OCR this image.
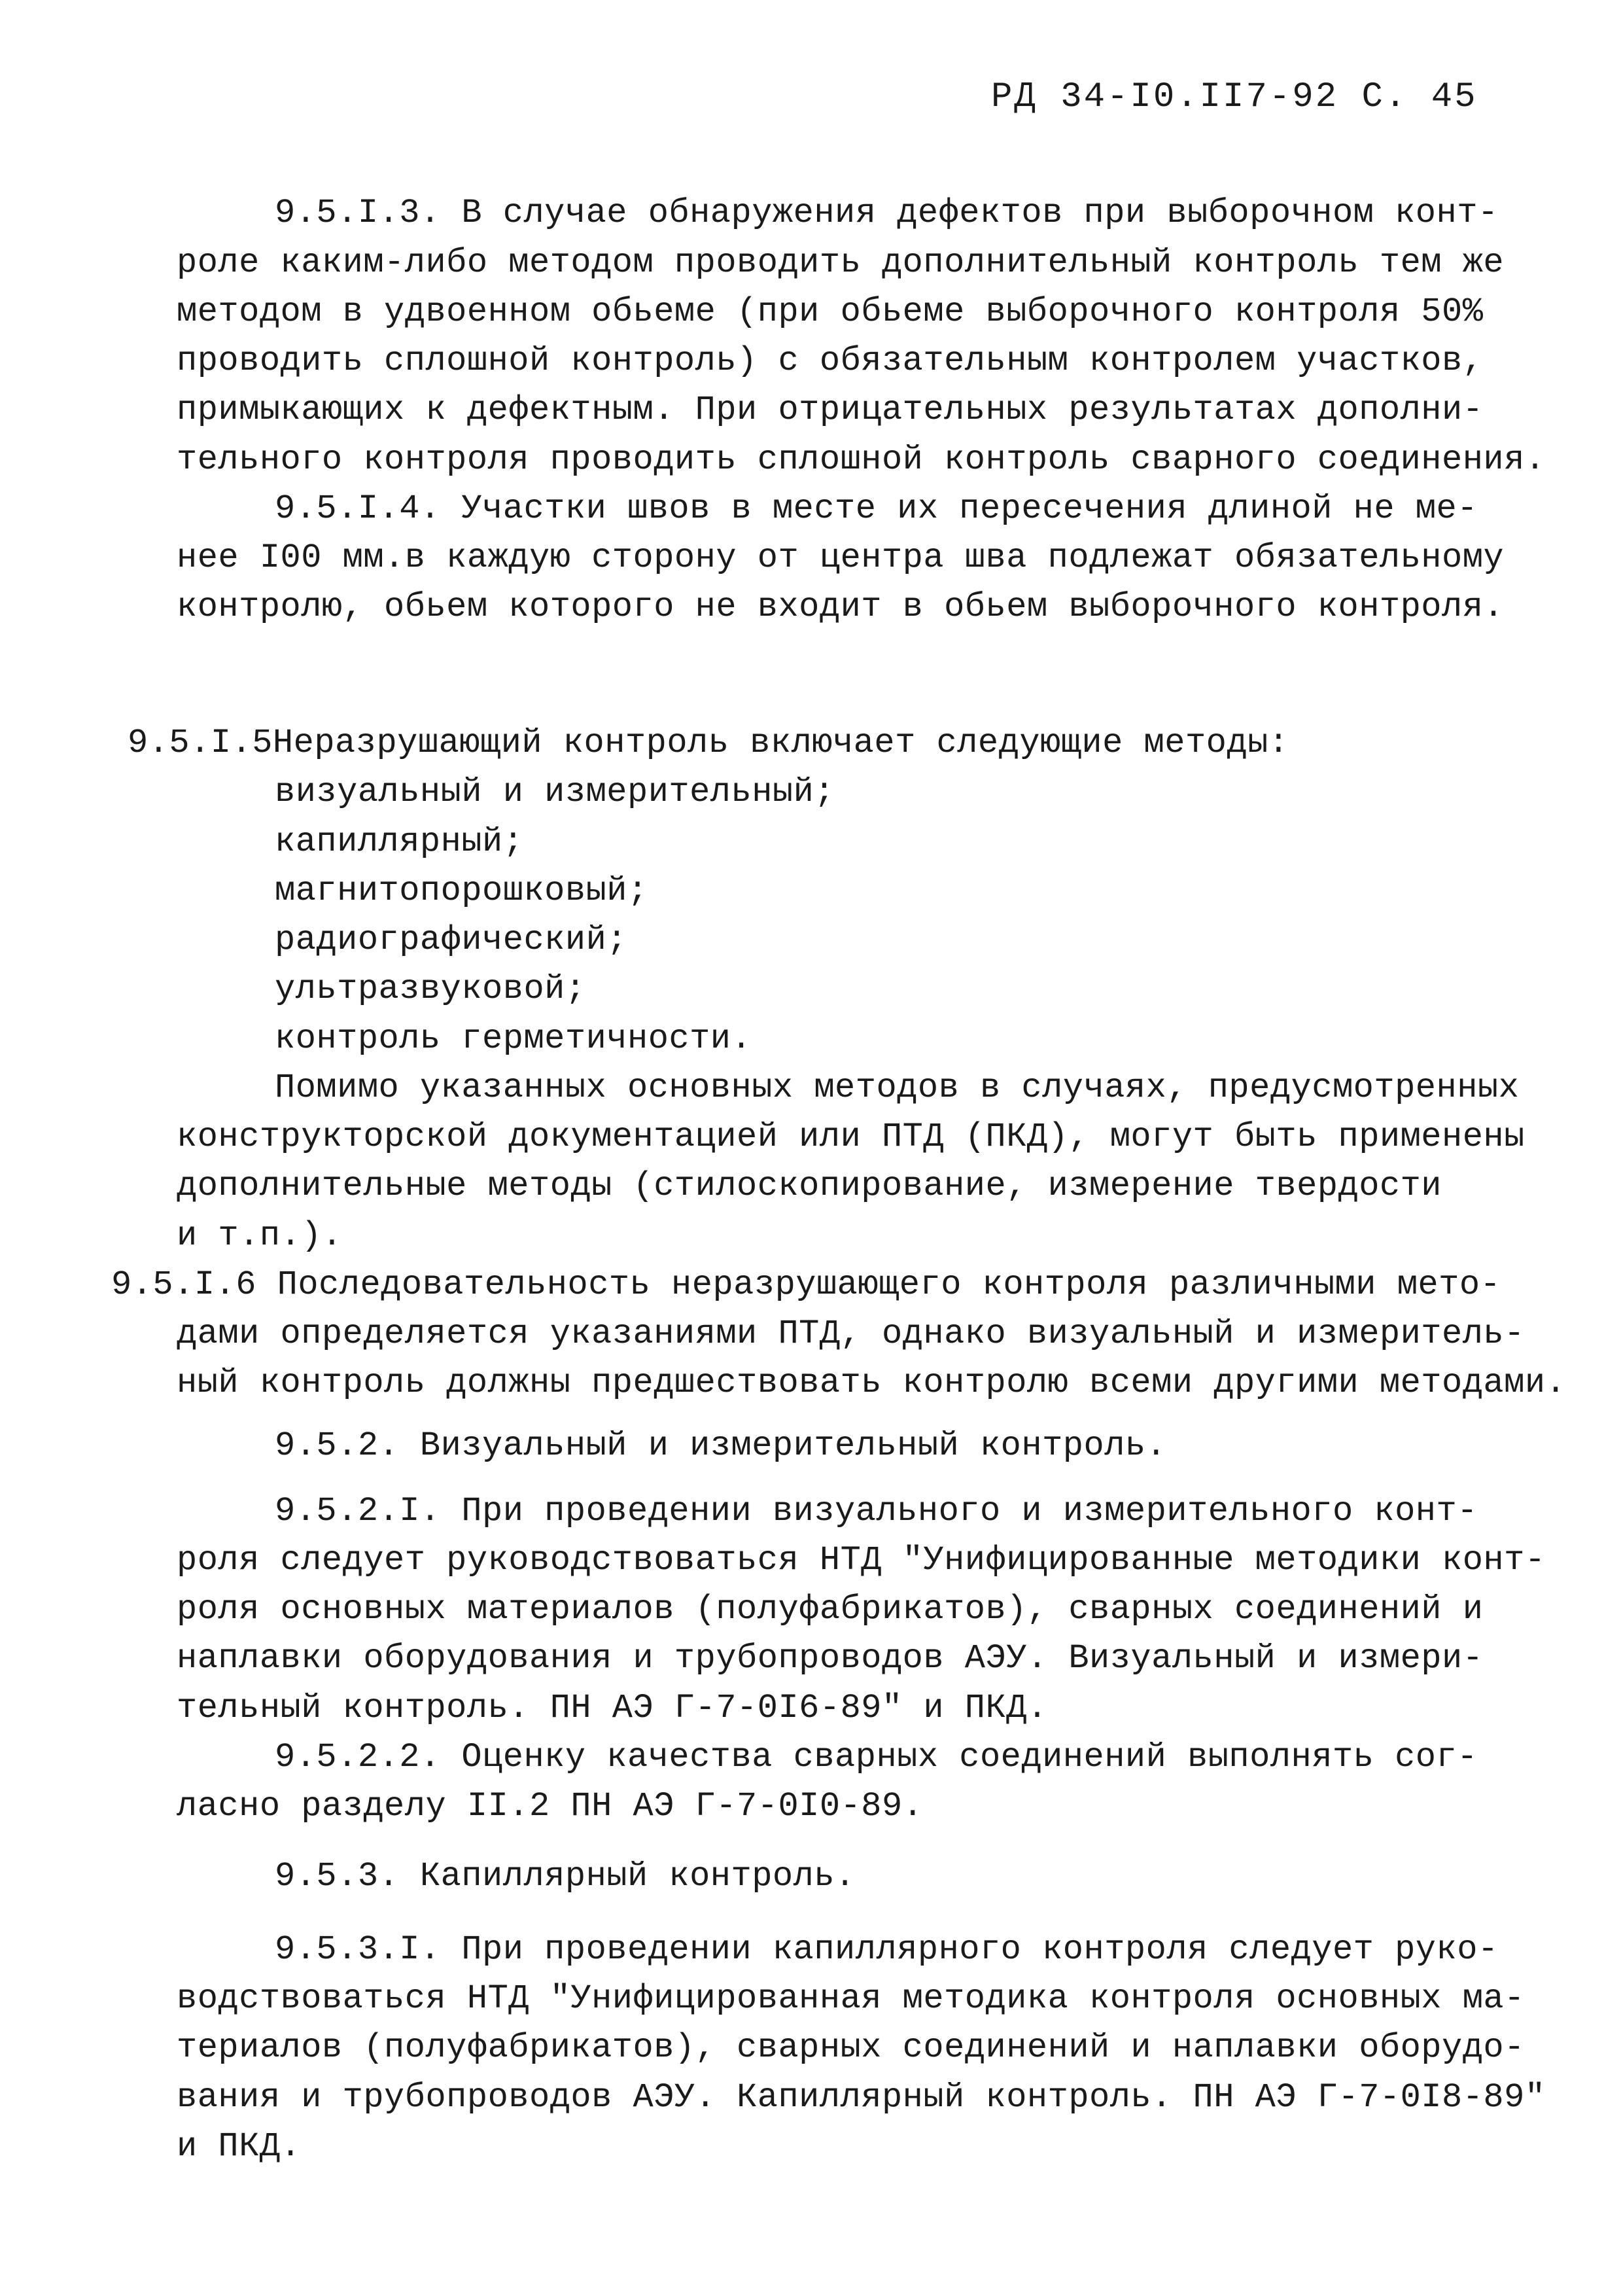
РД 34-I0.II7-92 С. 45
9.5.I.3. В случае обнаружения дефектов при выборочном конт-
роле каким-либо методом проводить дополнительный контроль тем же
методом в удвоенном обьеме (при обьеме выборочного контроля 50%
проводить сплошной контроль) с обязательным контролем участков,
примыкающих к дефектным. При отрицательных результатах дополни-
тельного контроля проводить сплошной контроль сварного соединения.
9.5.I.4. Участки швов в месте их пересечения длиной не ме-
нее I00 мм.в каждую сторону от центра шва подлежат обязательному
контролю, обьем которого не входит в обьем выборочного контроля.
9.5.I.5Неразрушающий контроль включает следующие методы:
визуальный и измерительный;
капиллярный;
магнитопорошковый;
радиографический;
ультразвуковой;
контроль герметичности.
Помимо указанных основных методов в случаях, предусмотренных
конструкторской документацией или ПТД (ПКД), могут быть применены
дополнительные методы (стилоскопирование, измерение твердости
и т.п.).
9.5.I.6 Последовательность неразрушающего контроля различными мето-
дами определяется указаниями ПТД, однако визуальный и измеритель-
ный контроль должны предшествовать контролю всеми другими методами.
9.5.2. Визуальный и измерительный контроль.
9.5.2.I. При проведении визуального и измерительного конт-
роля следует руководствоваться НТД "Унифицированные методики конт-
роля основных материалов (полуфабрикатов), сварных соединений и
наплавки оборудования и трубопроводов АЭУ. Визуальный и измери-
тельный контроль. ПН АЭ Г-7-0I6-89" и ПКД.
9.5.2.2. Оценку качества сварных соединений выполнять сог-
ласно разделу II.2 ПН АЭ Г-7-0I0-89.
9.5.3. Капиллярный контроль.
9.5.3.I. При проведении капиллярного контроля следует руко-
водствоваться НТД "Унифицированная методика контроля основных ма-
териалов (полуфабрикатов), сварных соединений и наплавки оборудо-
вания и трубопроводов АЭУ. Капиллярный контроль. ПН АЭ Г-7-0I8-89"
и ПКД.
